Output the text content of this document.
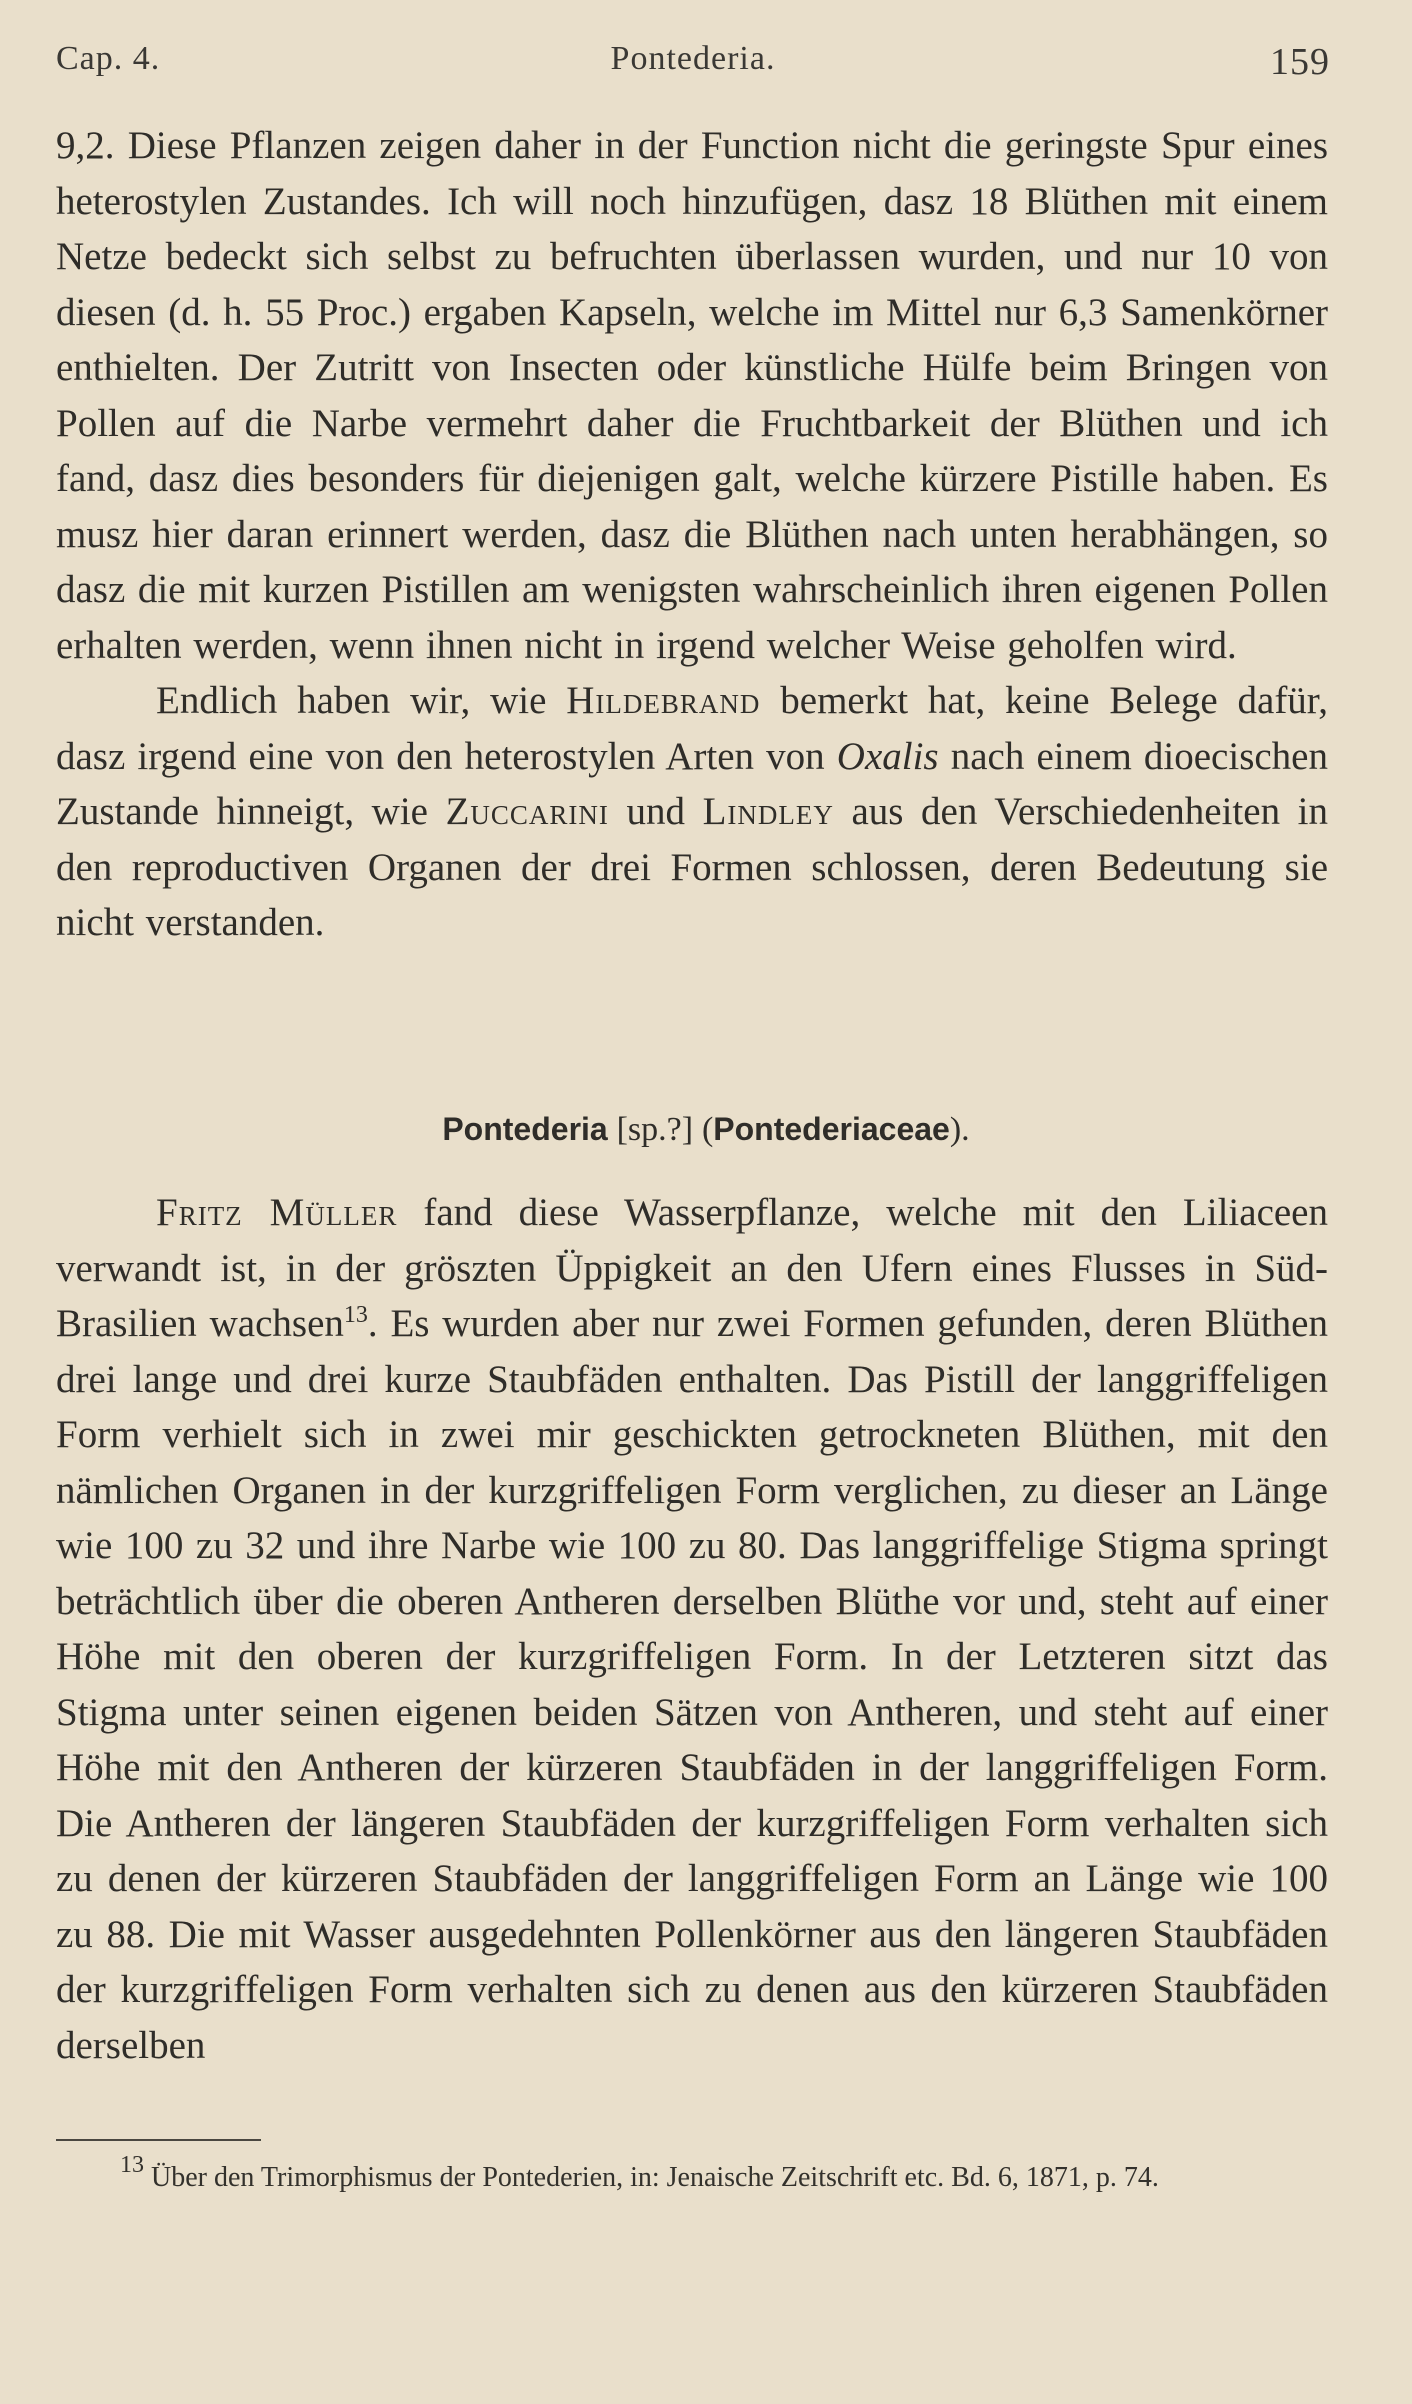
Cap. 4.	Pontederia.	159

9,2. Diese Pflanzen zeigen daher in der Function nicht die geringste Spur eines heterostylen Zustandes. Ich will noch hinzufügen, dasz 18 Blüthen mit einem Netze bedeckt sich selbst zu befruchten überlassen wurden, und nur 10 von diesen (d. h. 55 Proc.) ergaben Kapseln, welche im Mittel nur 6,3 Samenkörner enthielten. Der Zutritt von Insecten oder künstliche Hülfe beim Bringen von Pollen auf die Narbe vermehrt daher die Fruchtbarkeit der Blüthen und ich fand, dasz dies besonders für diejenigen galt, welche kürzere Pistille haben. Es musz hier daran erinnert werden, dasz die Blüthen nach unten herabhängen, so dasz die mit kurzen Pistillen am wenigsten wahrscheinlich ihren eigenen Pollen erhalten werden, wenn ihnen nicht in irgend welcher Weise geholfen wird.

Endlich haben wir, wie Hildebrand bemerkt hat, keine Belege dafür, dasz irgend eine von den heterostylen Arten von Oxalis nach einem dioecischen Zustande hinneigt, wie Zuccarini und Lindley aus den Verschiedenheiten in den reproductiven Organen der drei Formen schlossen, deren Bedeutung sie nicht verstanden.

Pontederia [sp.?] (Pontederiaceae).

Fritz Müller fand diese Wasserpflanze, welche mit den Liliaceen verwandt ist, in der gröszten Üppigkeit an den Ufern eines Flusses in Süd-Brasilien wachsen$^{13}$. Es wurden aber nur zwei Formen gefunden, deren Blüthen drei lange und drei kurze Staubfäden enthalten. Das Pistill der langgriffeligen Form verhielt sich in zwei mir geschickten getrockneten Blüthen, mit den nämlichen Organen in der kurzgriffeligen Form verglichen, zu dieser an Länge wie 100 zu 32 und ihre Narbe wie 100 zu 80. Das langgriffelige Stigma springt beträchtlich über die oberen Antheren derselben Blüthe vor und, steht auf einer Höhe mit den oberen der kurzgriffeligen Form. In der Letzteren sitzt das Stigma unter seinen eigenen beiden Sätzen von Antheren, und steht auf einer Höhe mit den Antheren der kürzeren Staubfäden in der langgriffeligen Form. Die Antheren der längeren Staubfäden der kurzgriffeligen Form verhalten sich zu denen der kürzeren Staubfäden der langgriffeligen Form an Länge wie 100 zu 88. Die mit Wasser ausgedehnten Pollenkörner aus den längeren Staubfäden der kurzgriffeligen Form verhalten sich zu denen aus den kürzeren Staubfäden derselben

$^{13}$ Über den Trimorphismus der Pontederien, in: Jenaische Zeitschrift etc. Bd. 6, 1871, p. 74.
